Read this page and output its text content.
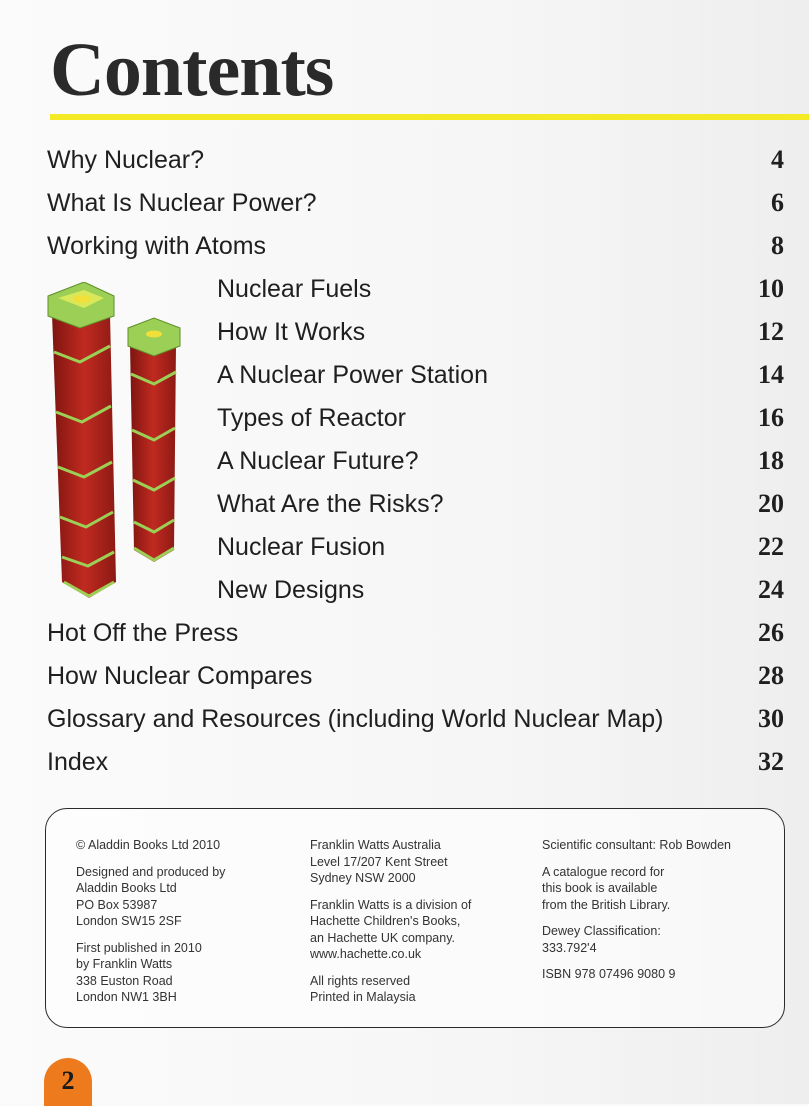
Contents
Why Nuclear?	4
What Is Nuclear Power?	6
Working with Atoms	8
Nuclear Fuels	10
How It Works	12
A Nuclear Power Station	14
Types of Reactor	16
A Nuclear Future?	18
What Are the Risks?	20
Nuclear Fusion	22
New Designs	24
Hot Off the Press	26
How Nuclear Compares	28
Glossary and Resources (including World Nuclear Map)	30
Index	32

© Aladdin Books Ltd 2010

Designed and produced by
Aladdin Books Ltd
PO Box 53987
London SW15 2SF

First published in 2010
by Franklin Watts
338 Euston Road
London NW1 3BH

Franklin Watts Australia
Level 17/207 Kent Street
Sydney NSW 2000

Franklin Watts is a division of
Hachette Children's Books,
an Hachette UK company.
www.hachette.co.uk

All rights reserved
Printed in Malaysia

Scientific consultant: Rob Bowden

A catalogue record for
this book is available
from the British Library.

Dewey Classification:
333.792'4

ISBN 978 07496 9080 9

2
